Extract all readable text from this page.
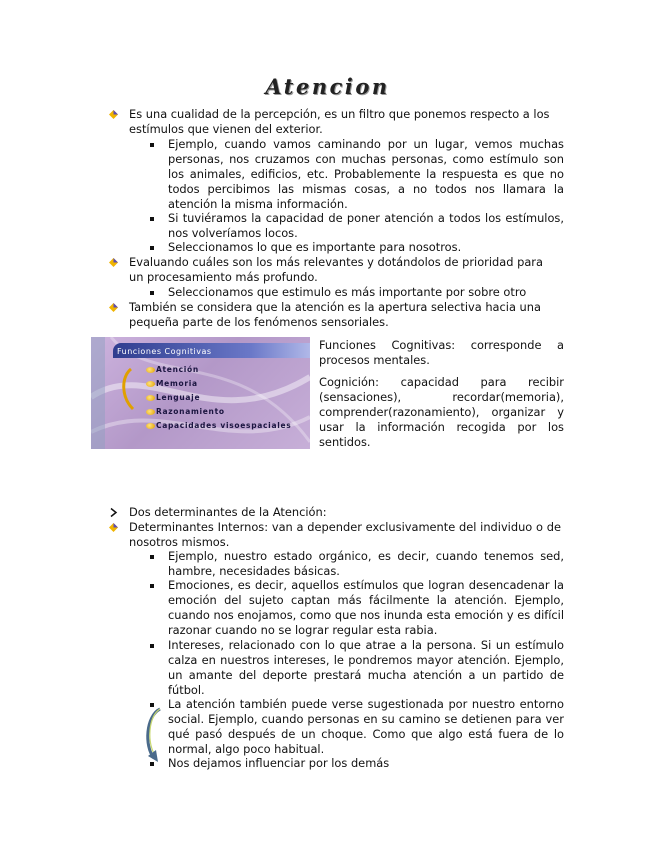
Atencion
Es una cualidad de la percepción, es un filtro que ponemos respecto a los estímulos que vienen del exterior.
Ejemplo, cuando vamos caminando por un lugar, vemos muchas personas, nos cruzamos con muchas personas, como estímulo son los animales, edificios, etc. Probablemente la respuesta es que no todos percibimos las mismas cosas, a no todos nos llamara la atención la misma información.
Si tuviéramos la capacidad de poner atención a todos los estímulos, nos volveríamos locos.
Seleccionamos lo que es importante para nosotros.
Evaluando cuáles son los más relevantes y dotándolos de prioridad para un procesamiento más profundo.
Seleccionamos que estimulo es más importante por sobre otro
También se considera que la atención es la apertura selectiva hacia una pequeña parte de los fenómenos sensoriales.
Funciones Cognitivas
Atención
Memoria
Lenguaje
Razonamiento
Capacidades visoespaciales
Funciones Cognitivas: corresponde a procesos mentales.
Cognición: capacidad para recibir (sensaciones), recordar(memoria), comprender(razonamiento), organizar y usar la información recogida por los sentidos.
Dos determinantes de la Atención:
Determinantes Internos: van a depender exclusivamente del individuo o de nosotros mismos.
Ejemplo, nuestro estado orgánico, es decir, cuando tenemos sed, hambre, necesidades básicas.
Emociones, es decir, aquellos estímulos que logran desencadenar la emoción del sujeto captan más fácilmente la atención. Ejemplo, cuando nos enojamos, como que nos inunda esta emoción y es difícil razonar cuando no se lograr regular esta rabia.
Intereses, relacionado con lo que atrae a la persona. Si un estímulo calza en nuestros intereses, le pondremos mayor atención. Ejemplo, un amante del deporte prestará mucha atención a un partido de fútbol.
La atención también puede verse sugestionada por nuestro entorno social. Ejemplo, cuando personas en su camino se detienen para ver qué pasó después de un choque. Como que algo está fuera de lo normal, algo poco habitual.
Nos dejamos influenciar por los demás
